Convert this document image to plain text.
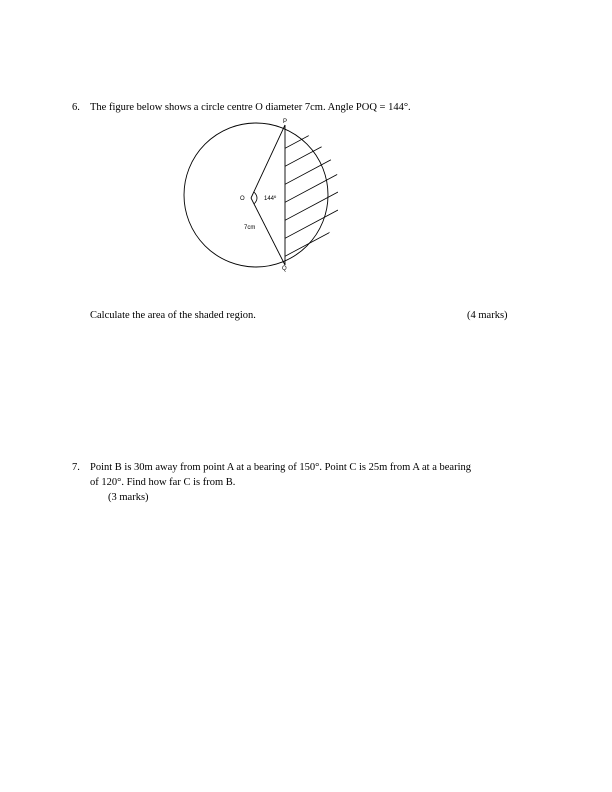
6. The figure below shows a circle centre O diameter 7cm. Angle POQ = 144°.
P
Q
O	144º
7cm
Calculate the area of the shaded region.	(4 marks)
7. Point B is 30m away from point A at a bearing of 150°. Point C is 25m from A at a bearing
of 120°. Find how far C is from B.
(3 marks)
